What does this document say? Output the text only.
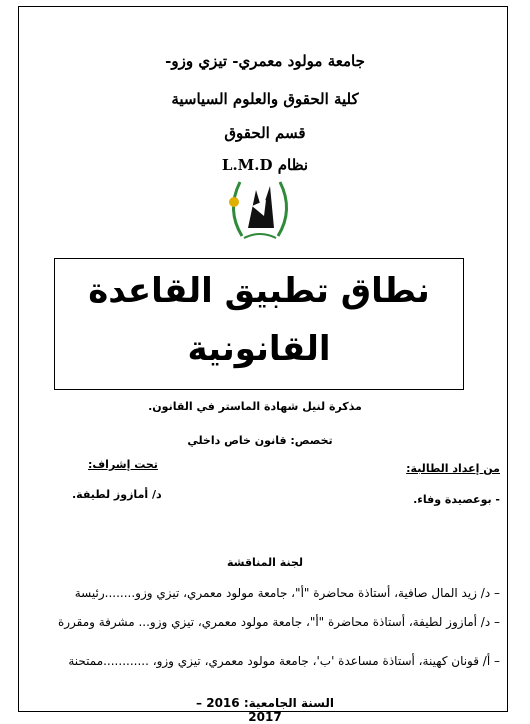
جامعة مولود معمري- تيزي وزو-
كلية الحقوق والعلوم السياسية
قسم الحقوق
L.M.D نظام
نطاق تطبيق القاعدة
القانونية
مذكرة لنيل شهادة الماستر في القانون.
تخصص: قانون خاص داخلي
من إعداد الطالبة:
- بوعصيدة وفاء.
تحت إشراف:
د/ أمازوز لطيفة.
لجنة المناقشة
– د/ زيد المال صافية، أستاذة محاضرة "أ"، جامعة مولود معمري، تيزي وزو........رئيسة
– د/ أمازوز لطيفة، أستاذة محاضرة "أ"، جامعة مولود معمري، تيزي وزو... مشرفة ومقررة
– أ/ قونان كهينة، أستاذة مساعدة 'ب'، جامعة مولود معمري، تيزي وزو، ............ممتحنة
السنة الجامعية: 2016 –2017
